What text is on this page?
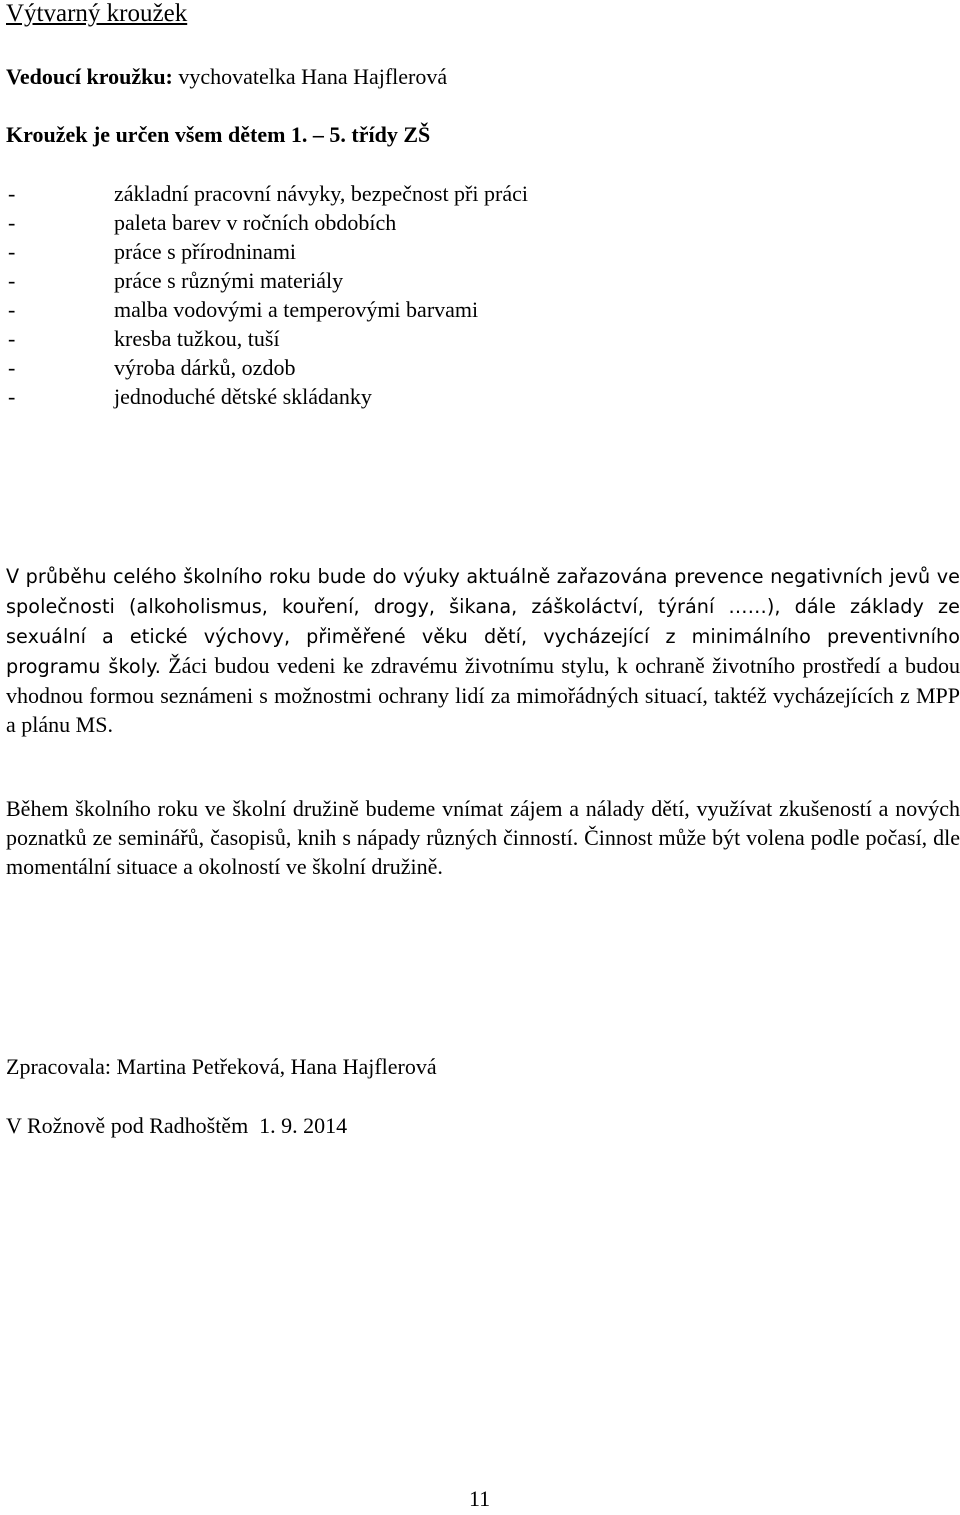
Výtvarný kroužek
Vedoucí kroužku: vychovatelka Hana Hajflerová
Kroužek je určen všem dětem 1. – 5. třídy ZŠ
-	základní pracovní návyky, bezpečnost při práci
-	paleta barev v ročních obdobích
-	práce s přírodninami
-	práce s různými materiály
-	malba vodovými a temperovými barvami
-	kresba tužkou, tuší
-	výroba dárků, ozdob
-	jednoduché dětské skládanky
V průběhu celého školního roku bude do výuky aktuálně zařazována prevence negativních jevů ve společnosti (alkoholismus, kouření, drogy, šikana, záškoláctví, týrání ……), dále základy ze sexuální a etické výchovy, přiměřené věku dětí, vycházející z minimálního preventivního programu školy. Žáci budou vedeni ke zdravému životnímu stylu, k ochraně životního prostředí a budou vhodnou formou seznámeni s možnostmi ochrany lidí za mimořádných situací, taktéž vycházejících z MPP a plánu MS.
Během školního roku ve školní družině budeme vnímat zájem a nálady dětí, využívat zkušeností a nových poznatků ze seminářů, časopisů, knih s nápady různých činností. Činnost může být volena podle počasí, dle momentální situace a okolností ve školní družině.
Zpracovala: Martina Petřeková, Hana Hajflerová
V Rožnově pod Radhoštěm  1. 9. 2014
11
